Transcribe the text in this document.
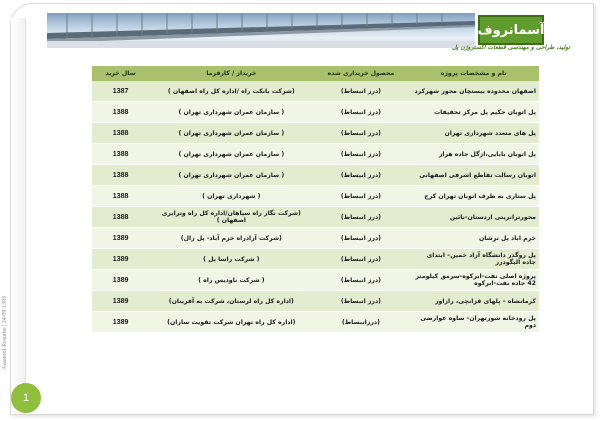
Assanrof Resume | 24/09/1393
1
آسمانروف
تولید، طراحی و مهندسی قطعات اکستروژن پل
نام و مشخصات پروژه	محصول خریداری شده	خریدار / کارفرما	سال خرید
اصفهان محدوده بیستچان محور شهرکرد	(درز انبساط)	(شرکت بانکت راه /اداره کل راه اصفهان )	1387
پل اتوبان حکیم پل مرکز تحقیقات	(درز انبساط)	( سازمان عمران شهرداری تهران )	1388
پل های متعدد شهرداری تهران	(درز انبساط)	( سازمان عمران شهرداری تهران )	1388
پل اتوبان بابایی،ازگل جاده هراز	(درز انبساط)	( سازمان عمران شهرداری تهران )	1388
اتوبان رسالت تقاطع اشرفی اصفهانی	(درز انبساط)	( سازمان عمران شهرداری تهران )	1388
پل ستاری به طرف اتوبان تهران کرج	(درز انبساط)	( شهرداری تهران )	1388
محورترانزیتی اردستان-نائین	(درز انبساط)	(شرکت نگار راه سپاهان/اداره کل راه وترابری اصفهان )	1388
خرم اباد پل ترشان	(درز انبساط)	(شرکت آزادراه خرم آباد- پل زال)	1389
پل روگذر دانشگاه آزاد خمین– ابتدای جاده الیگودرز	(درز انبساط)	( شرکت راسا پل )	1389
پروژه اصلی نفت-ابرکوه-سرمق کیلومتر 42 جاده نفت-ابرکوه	(درز انبساط)	( شرکت ناودیس راه )	1389
کرمانشاه – پلهای قزانچی، رازاور	(درز انبساط)	(اداره کل راه لرستان، شرکت به آفرینان)	1389
پل رودخانه شورتهران- ساوه عوارضی دوم	(درزانبساط)	(اداره کل راه تهران شرکت تقویت سازان)	1389
